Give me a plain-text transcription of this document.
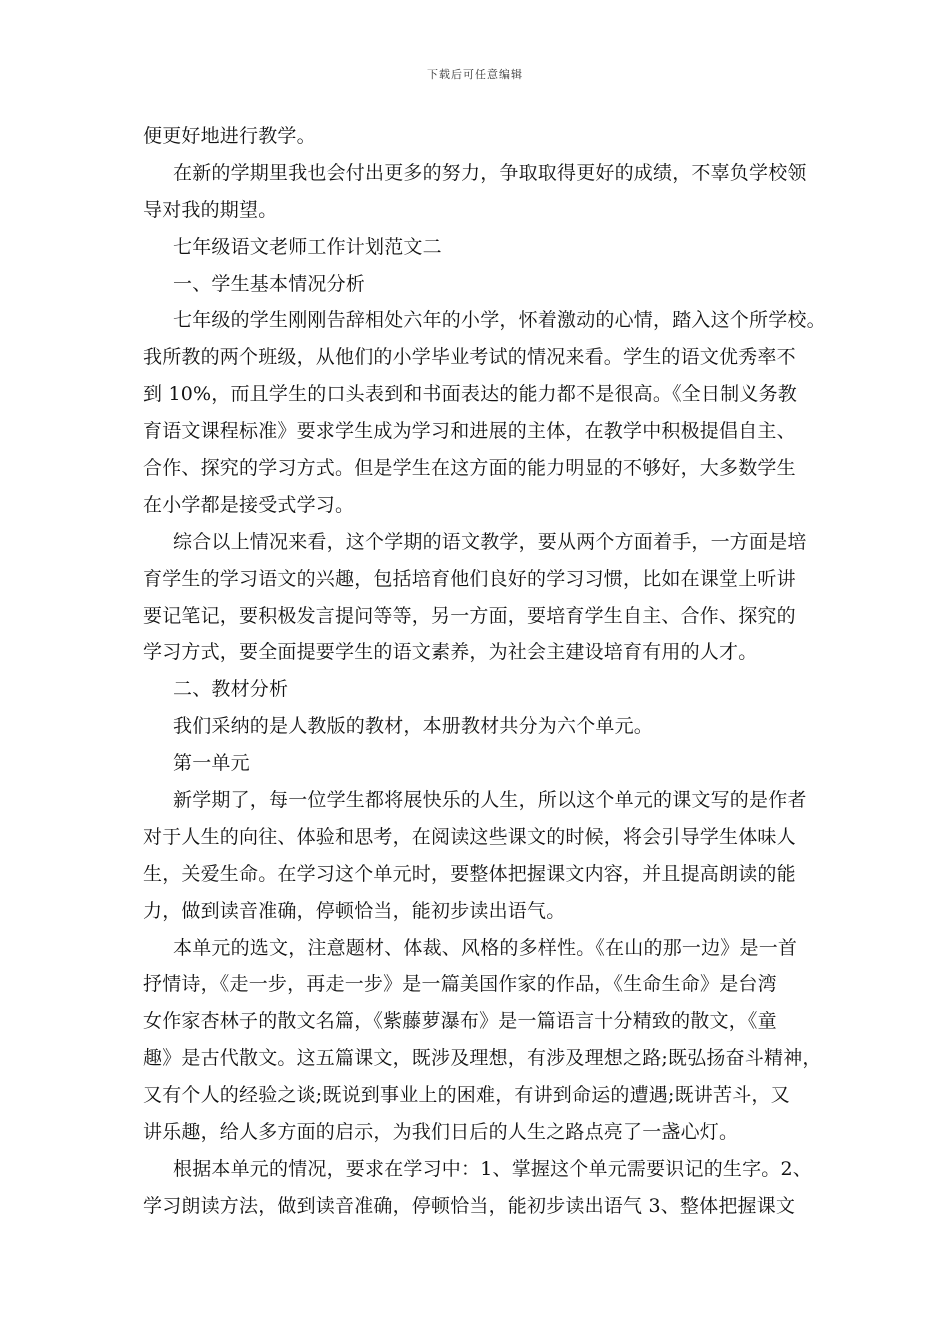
下载后可任意编辑
便更好地进行教学。
在新的学期里我也会付出更多的努力，争取取得更好的成绩，不辜负学校领
导对我的期望。
七年级语文老师工作计划范文二
一、学生基本情况分析
七年级的学生刚刚告辞相处六年的小学，怀着激动的心情，踏入这个所学校。
我所教的两个班级，从他们的小学毕业考试的情况来看。学生的语文优秀率不
到 10%，而且学生的口头表到和书面表达的能力都不是很高。《全日制义务教
育语文课程标准》要求学生成为学习和进展的主体，在教学中积极提倡自主、
合作、探究的学习方式。但是学生在这方面的能力明显的不够好，大多数学生
在小学都是接受式学习。
综合以上情况来看，这个学期的语文教学，要从两个方面着手，一方面是培
育学生的学习语文的兴趣，包括培育他们良好的学习习惯，比如在课堂上听讲
要记笔记，要积极发言提问等等，另一方面，要培育学生自主、合作、探究的
学习方式，要全面提要学生的语文素养，为社会主建设培育有用的人才。
二、教材分析
我们采纳的是人教版的教材，本册教材共分为六个单元。
第一单元
新学期了，每一位学生都将展快乐的人生，所以这个单元的课文写的是作者
对于人生的向往、体验和思考，在阅读这些课文的时候，将会引导学生体味人
生，关爱生命。在学习这个单元时，要整体把握课文内容，并且提高朗读的能
力，做到读音准确，停顿恰当，能初步读出语气。
本单元的选文，注意题材、体裁、风格的多样性。《在山的那一边》是一首
抒情诗，《走一步，再走一步》是一篇美国作家的作品，《生命生命》是台湾
女作家杏林子的散文名篇，《紫藤萝瀑布》是一篇语言十分精致的散文，《童
趣》是古代散文。这五篇课文，既涉及理想，有涉及理想之路;既弘扬奋斗精神，
又有个人的经验之谈;既说到事业上的困难，有讲到命运的遭遇;既讲苦斗，又
讲乐趣，给人多方面的启示，为我们日后的人生之路点亮了一盏心灯。
根据本单元的情况，要求在学习中：1、掌握这个单元需要识记的生字。2、
学习朗读方法，做到读音准确，停顿恰当，能初步读出语气 3、整体把握课文
